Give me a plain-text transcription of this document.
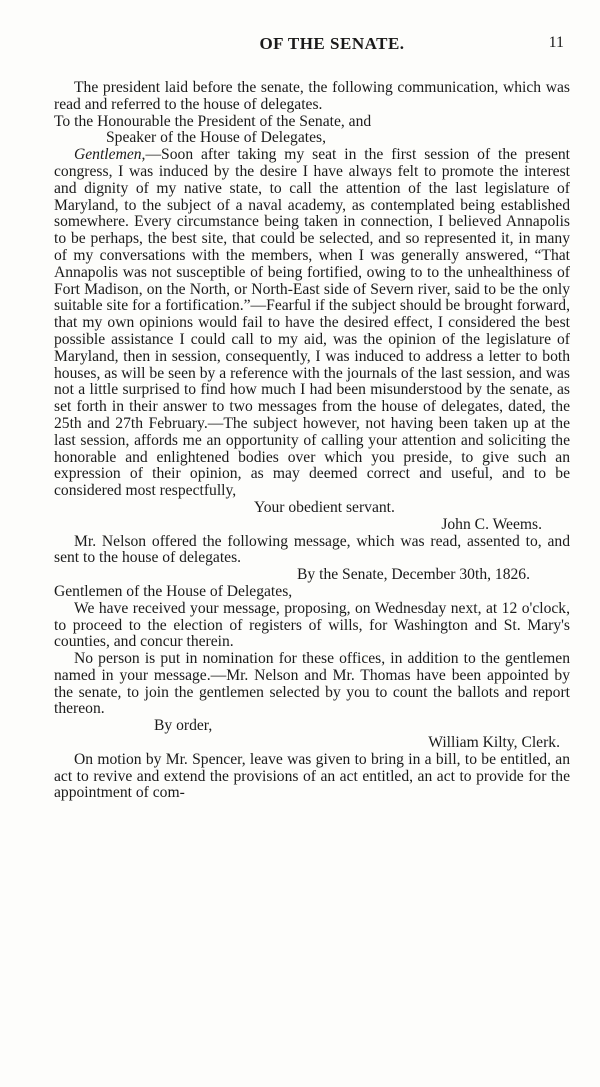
OF THE SENATE.	11

The president laid before the senate, the following communication, which was read and referred to the house of delegates.

To the Honourable the President of the Senate, and

Speaker of the House of Delegates,

Gentlemen,—Soon after taking my seat in the first session of the present congress, I was induced by the desire I have always felt to promote the interest and dignity of my native state, to call the attention of the last legislature of Maryland, to the subject of a naval academy, as contemplated being established somewhere. Every circumstance being taken in connection, I believed Annapolis to be perhaps, the best site, that could be selected, and so represented it, in many of my conversations with the members, when I was generally answered, “That Annapolis was not susceptible of being fortified, owing to to the unhealthiness of Fort Madison, on the North, or North-East side of Severn river, said to be the only suitable site for a fortification.”—Fearful if the subject should be brought forward, that my own opinions would fail to have the desired effect, I considered the best possible assistance I could call to my aid, was the opinion of the legislature of Maryland, then in session, consequently, I was induced to address a letter to both houses, as will be seen by a reference with the journals of the last session, and was not a little surprised to find how much I had been misunderstood by the senate, as set forth in their answer to two messages from the house of delegates, dated, the 25th and 27th February.—The subject however, not having been taken up at the last session, affords me an opportunity of calling your attention and soliciting the honorable and enlightened bodies over which you preside, to give such an expression of their opinion, as may deemed correct and useful, and to be considered most respectfully,

Your obedient servant.

John C. Weems.

Mr. Nelson offered the following message, which was read, assented to, and sent to the house of delegates.

By the Senate, December 30th, 1826.

Gentlemen of the House of Delegates,

We have received your message, proposing, on Wednesday next, at 12 o'clock, to proceed to the election of registers of wills, for Washington and St. Mary's counties, and concur therein.

No person is put in nomination for these offices, in addition to the gentlemen named in your message.—Mr. Nelson and Mr. Thomas have been appointed by the senate, to join the gentlemen selected by you to count the ballots and report thereon.

By order,

William Kilty, Clerk.

On motion by Mr. Spencer, leave was given to bring in a bill, to be entitled, an act to revive and extend the provisions of an act entitled, an act to provide for the appointment of com-
